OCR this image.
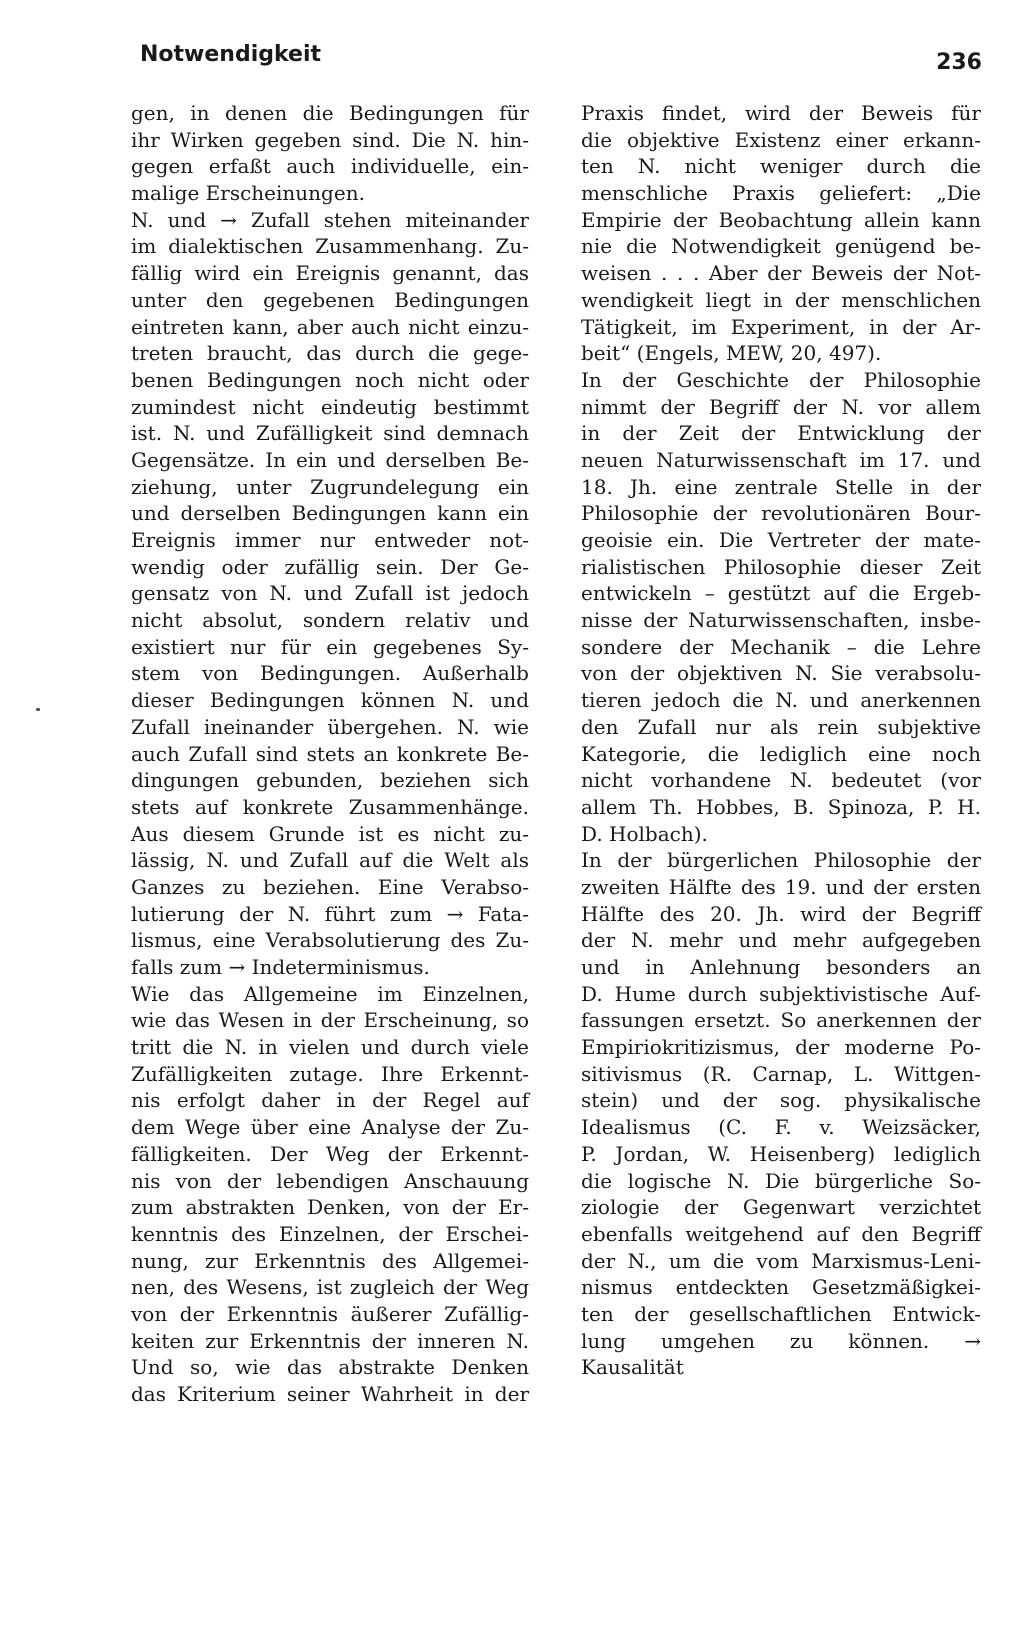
Notwendigkeit	236
gen, in denen die Bedingungen für
ihr Wirken gegeben sind. Die N. hin-
gegen erfaßt auch individuelle, ein-
malige Erscheinungen.
N. und → Zufall stehen miteinander
im dialektischen Zusammenhang. Zu-
fällig wird ein Ereignis genannt, das
unter den gegebenen Bedingungen
eintreten kann, aber auch nicht einzu-
treten braucht, das durch die gege-
benen Bedingungen noch nicht oder
zumindest nicht eindeutig bestimmt
ist. N. und Zufälligkeit sind demnach
Gegensätze. In ein und derselben Be-
ziehung, unter Zugrundelegung ein
und derselben Bedingungen kann ein
Ereignis immer nur entweder not-
wendig oder zufällig sein. Der Ge-
gensatz von N. und Zufall ist jedoch
nicht absolut, sondern relativ und
existiert nur für ein gegebenes Sy-
stem von Bedingungen. Außerhalb
dieser Bedingungen können N. und
Zufall ineinander übergehen. N. wie
auch Zufall sind stets an konkrete Be-
dingungen gebunden, beziehen sich
stets auf konkrete Zusammenhänge.
Aus diesem Grunde ist es nicht zu-
lässig, N. und Zufall auf die Welt als
Ganzes zu beziehen. Eine Verabso-
lutierung der N. führt zum → Fata-
lismus, eine Verabsolutierung des Zu-
falls zum → Indeterminismus.
Wie das Allgemeine im Einzelnen,
wie das Wesen in der Erscheinung, so
tritt die N. in vielen und durch viele
Zufälligkeiten zutage. Ihre Erkennt-
nis erfolgt daher in der Regel auf
dem Wege über eine Analyse der Zu-
fälligkeiten. Der Weg der Erkennt-
nis von der lebendigen Anschauung
zum abstrakten Denken, von der Er-
kenntnis des Einzelnen, der Erschei-
nung, zur Erkenntnis des Allgemei-
nen, des Wesens, ist zugleich der Weg
von der Erkenntnis äußerer Zufällig-
keiten zur Erkenntnis der inneren N.
Und so, wie das abstrakte Denken
das Kriterium seiner Wahrheit in der
Praxis findet, wird der Beweis für
die objektive Existenz einer erkann-
ten N. nicht weniger durch die
menschliche Praxis geliefert: „Die
Empirie der Beobachtung allein kann
nie die Notwendigkeit genügend be-
weisen . . . Aber der Beweis der Not-
wendigkeit liegt in der menschlichen
Tätigkeit, im Experiment, in der Ar-
beit“ (Engels, MEW, 20, 497).
In der Geschichte der Philosophie
nimmt der Begriff der N. vor allem
in der Zeit der Entwicklung der
neuen Naturwissenschaft im 17. und
18. Jh. eine zentrale Stelle in der
Philosophie der revolutionären Bour-
geoisie ein. Die Vertreter der mate-
rialistischen Philosophie dieser Zeit
entwickeln – gestützt auf die Ergeb-
nisse der Naturwissenschaften, insbe-
sondere der Mechanik – die Lehre
von der objektiven N. Sie verabsolu-
tieren jedoch die N. und anerkennen
den Zufall nur als rein subjektive
Kategorie, die lediglich eine noch
nicht vorhandene N. bedeutet (vor
allem Th. Hobbes, B. Spinoza, P. H.
D. Holbach).
In der bürgerlichen Philosophie der
zweiten Hälfte des 19. und der ersten
Hälfte des 20. Jh. wird der Begriff
der N. mehr und mehr aufgegeben
und in Anlehnung besonders an
D. Hume durch subjektivistische Auf-
fassungen ersetzt. So anerkennen der
Empiriokritizismus, der moderne Po-
sitivismus (R. Carnap, L. Wittgen-
stein) und der sog. physikalische
Idealismus (C. F. v. Weizsäcker,
P. Jordan, W. Heisenberg) lediglich
die logische N. Die bürgerliche So-
ziologie der Gegenwart verzichtet
ebenfalls weitgehend auf den Begriff
der N., um die vom Marxismus-Leni-
nismus entdeckten Gesetzmäßigkei-
ten der gesellschaftlichen Entwick-
lung umgehen zu können. →
Kausalität
